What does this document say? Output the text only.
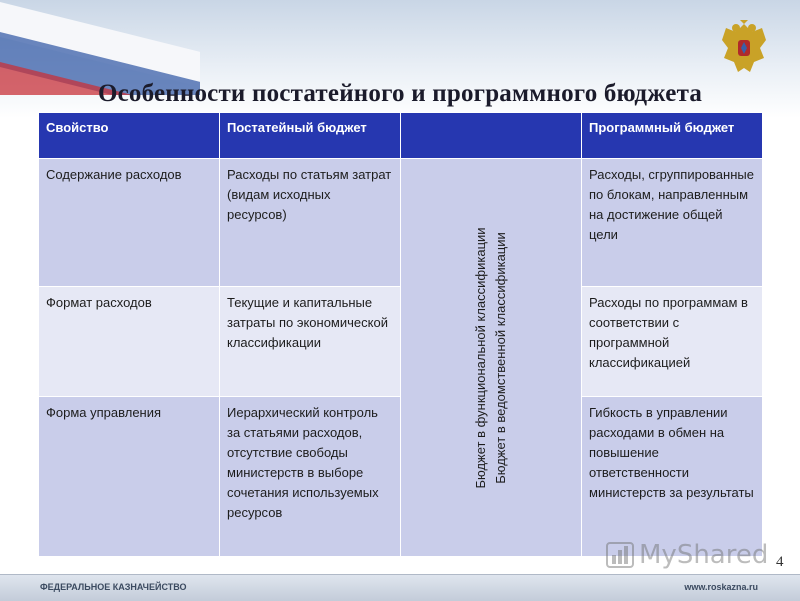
Особенности постатейного и программного бюджета
Свойство	Постатейный бюджет		Программный бюджет
Содержание расходов	Расходы по статьям затрат (видам исходных ресурсов)	Бюджет в функциональной классификации Бюджет в ведомственной классификации	Расходы, сгруппированные по блокам, направленным на достижение общей цели
Формат расходов	Текущие и капитальные затраты по экономической классификации		Расходы по программам в соответствии с программной классификацией
Форма управления	Иерархический контроль за статьями расходов, отсутствие свободы министерств в выборе сочетания используемых ресурсов		Гибкость в управлении расходами в обмен на повышение ответственности министерств за результаты
MyShared 4
ФЕДЕРАЛЬНОЕ КАЗНАЧЕЙСТВО	www.roskazna.ru
